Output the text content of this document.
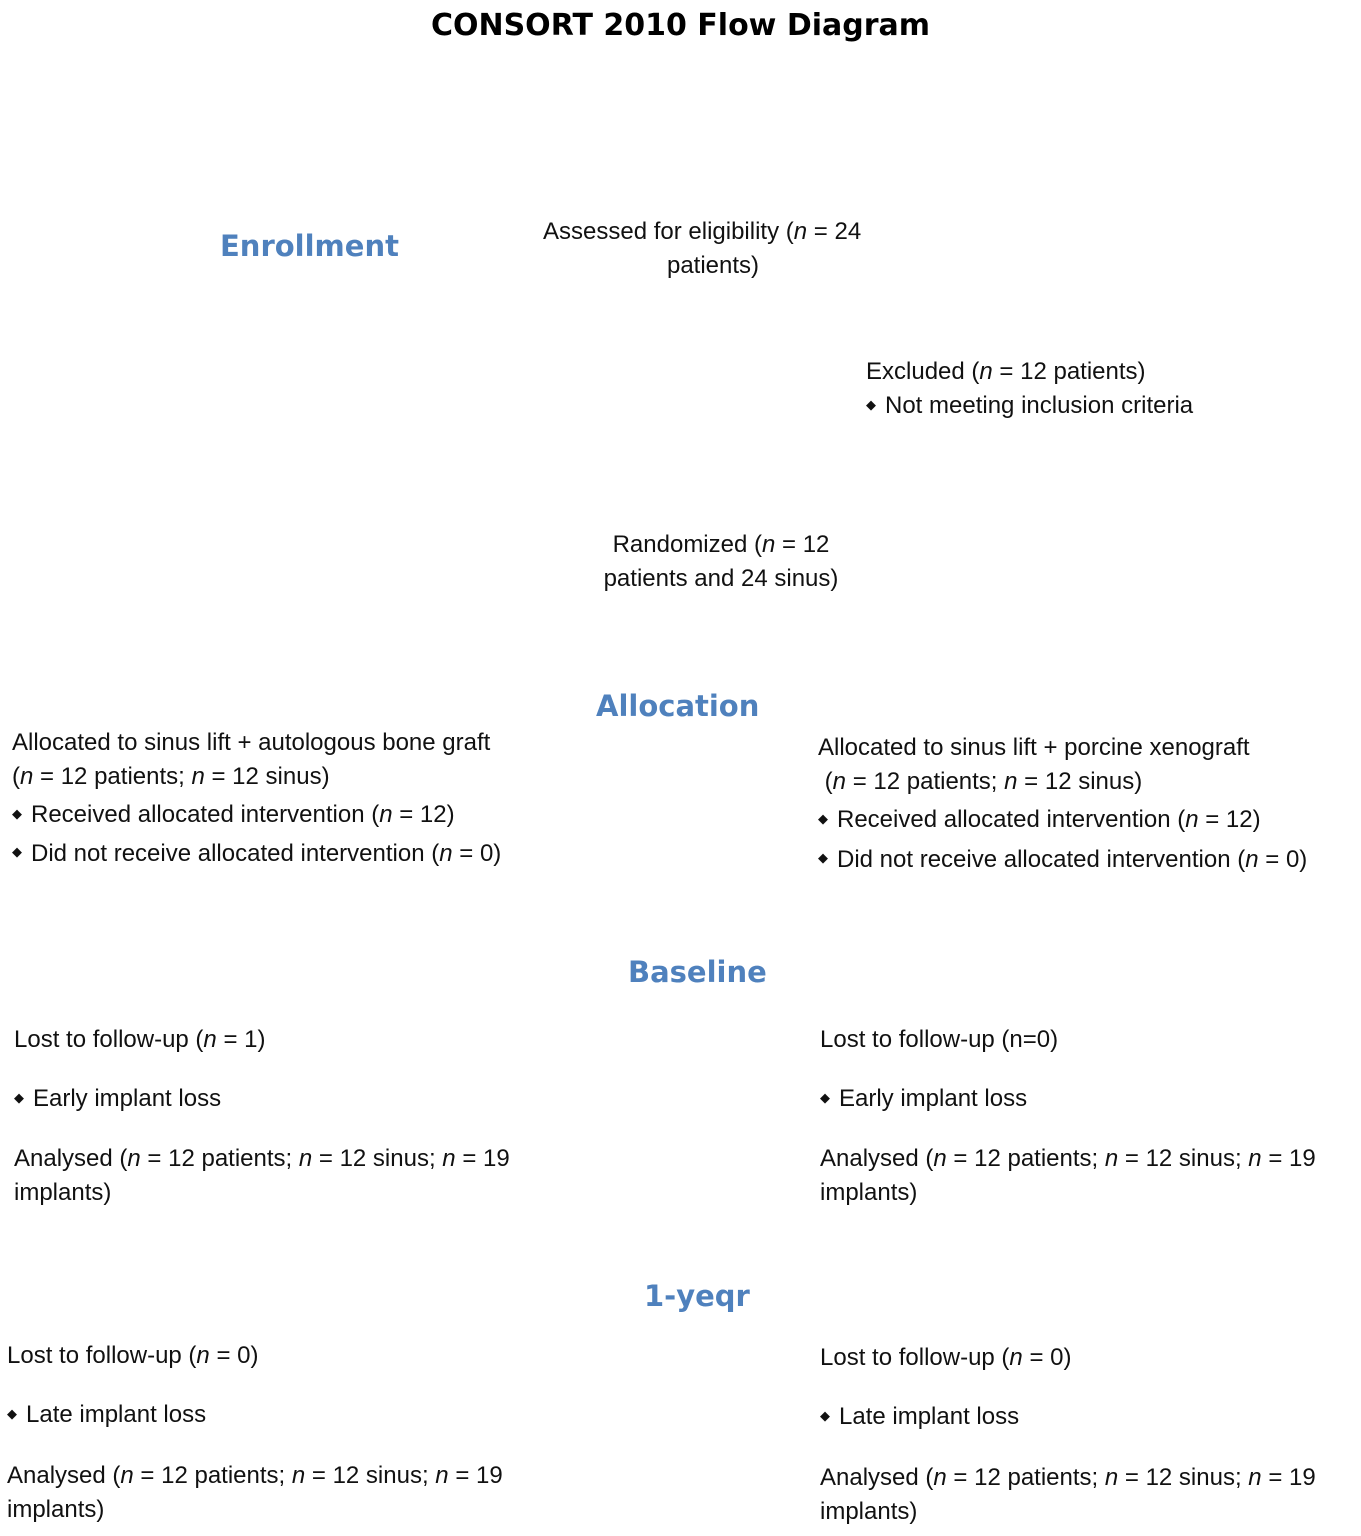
CONSORT 2010 Flow Diagram
Enrollment	Assessed for eligibility (n = 24
patients)
Excluded (n = 12 patients)
◆ Not meeting inclusion criteria
Randomized (n = 12
patients and 24 sinus)
Allocation
Allocated to sinus lift + autologous bone graft
(n = 12 patients; n = 12 sinus)
◆ Received allocated intervention (n = 12)
◆ Did not receive allocated intervention (n = 0)
Allocated to sinus lift + porcine xenograft
(n = 12 patients; n = 12 sinus)
◆ Received allocated intervention (n = 12)
◆ Did not receive allocated intervention (n = 0)
Baseline
Lost to follow-up (n = 1)
◆ Early implant loss
Analysed (n = 12 patients; n = 12 sinus; n = 19
implants)
Lost to follow-up (n=0)
◆ Early implant loss
Analysed (n = 12 patients; n = 12 sinus; n = 19
implants)
1-yeqr
Lost to follow-up (n = 0)
◆ Late implant loss
Analysed (n = 12 patients; n = 12 sinus; n = 19
implants)
Lost to follow-up (n = 0)
◆ Late implant loss
Analysed (n = 12 patients; n = 12 sinus; n = 19
implants)
